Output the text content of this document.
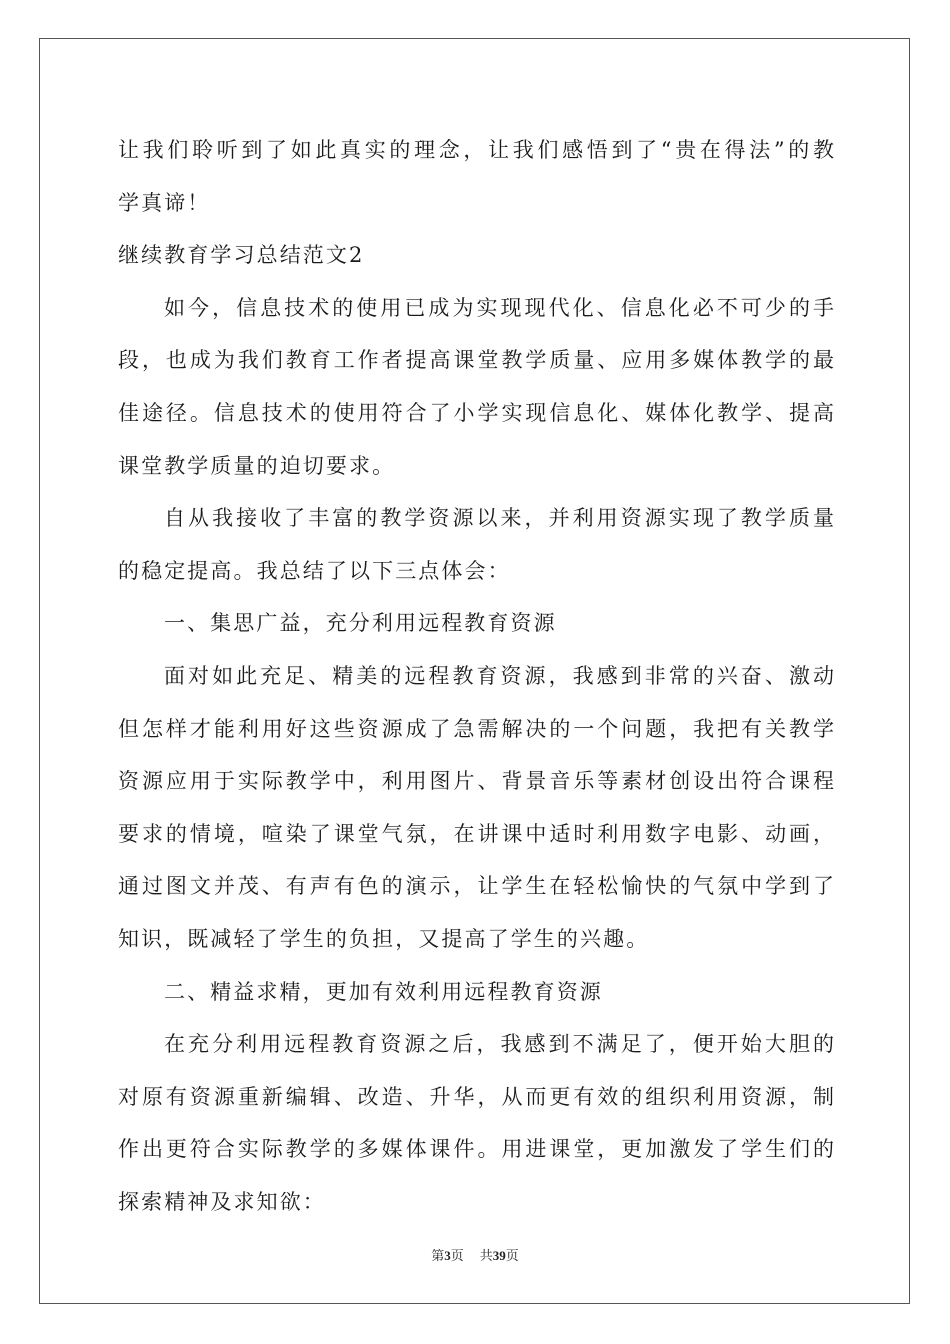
让我们聆听到了如此真实的理念，让我们感悟到了“贵在得法”的教
学真谛！
继续教育学习总结范文2
如今，信息技术的使用已成为实现现代化、信息化必不可少的手
段，也成为我们教育工作者提高课堂教学质量、应用多媒体教学的最
佳途径。信息技术的使用符合了小学实现信息化、媒体化教学、提高
课堂教学质量的迫切要求。
自从我接收了丰富的教学资源以来，并利用资源实现了教学质量
的稳定提高。我总结了以下三点体会：
一、集思广益，充分利用远程教育资源
面对如此充足、精美的远程教育资源，我感到非常的兴奋、激动
但怎样才能利用好这些资源成了急需解决的一个问题，我把有关教学
资源应用于实际教学中，利用图片、背景音乐等素材创设出符合课程
要求的情境，喧染了课堂气氛，在讲课中适时利用数字电影、动画，
通过图文并茂、有声有色的演示，让学生在轻松愉快的气氛中学到了
知识，既减轻了学生的负担，又提高了学生的兴趣。
二、精益求精，更加有效利用远程教育资源
在充分利用远程教育资源之后，我感到不满足了，便开始大胆的
对原有资源重新编辑、改造、升华，从而更有效的组织利用资源，制
作出更符合实际教学的多媒体课件。用进课堂，更加激发了学生们的
探索精神及求知欲：
第3页 共39页
